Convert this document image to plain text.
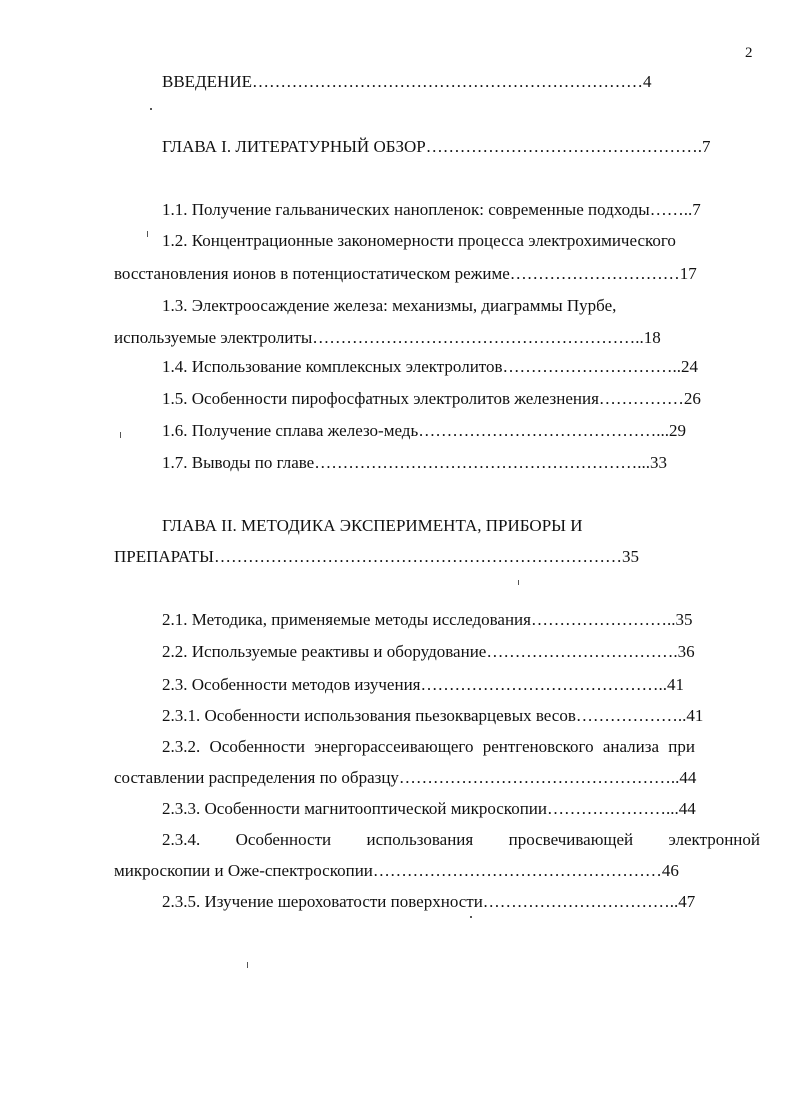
2
ВВЕДЕНИЕ……………………………………………………………4
ГЛАВА I. ЛИТЕРАТУРНЫЙ ОБЗОР………………………………………….7
1.1. Получение гальванических нанопленок: современные подходы……..7
1.2. Концентрационные закономерности процесса электрохимического
восстановления ионов в потенциостатическом режиме…………………………17
1.3. Электроосаждение железа: механизмы, диаграммы Пурбе,
используемые электролиты…………………………………………………..18
1.4. Использование комплексных электролитов…………………………..24
1.5. Особенности пирофосфатных электролитов железнения……………26
1.6. Получение сплава железо-медь……………………………………...29
1.7. Выводы по главе…………………………………………………...33
ГЛАВА II. МЕТОДИКА ЭКСПЕРИМЕНТА, ПРИБОРЫ И
ПРЕПАРАТЫ………………………………………………………………35
2.1. Методика, применяемые методы исследования……………………..35
2.2. Используемые реактивы и оборудование…………………………….36
2.3. Особенности методов изучения……………………………………..41
2.3.1. Особенности использования пьезокварцевых весов………………..41
2.3.2. Особенности энергорассеивающего рентгеновского анализа при
составлении распределения по образцу…………………………………………..44
2.3.3. Особенности магнитооптической микроскопии…………………...44
2.3.4. Особенности использования просвечивающей электронной
микроскопии и Оже-спектроскопии……………………………………………46
2.3.5. Изучение шероховатости поверхности……………………………..47
